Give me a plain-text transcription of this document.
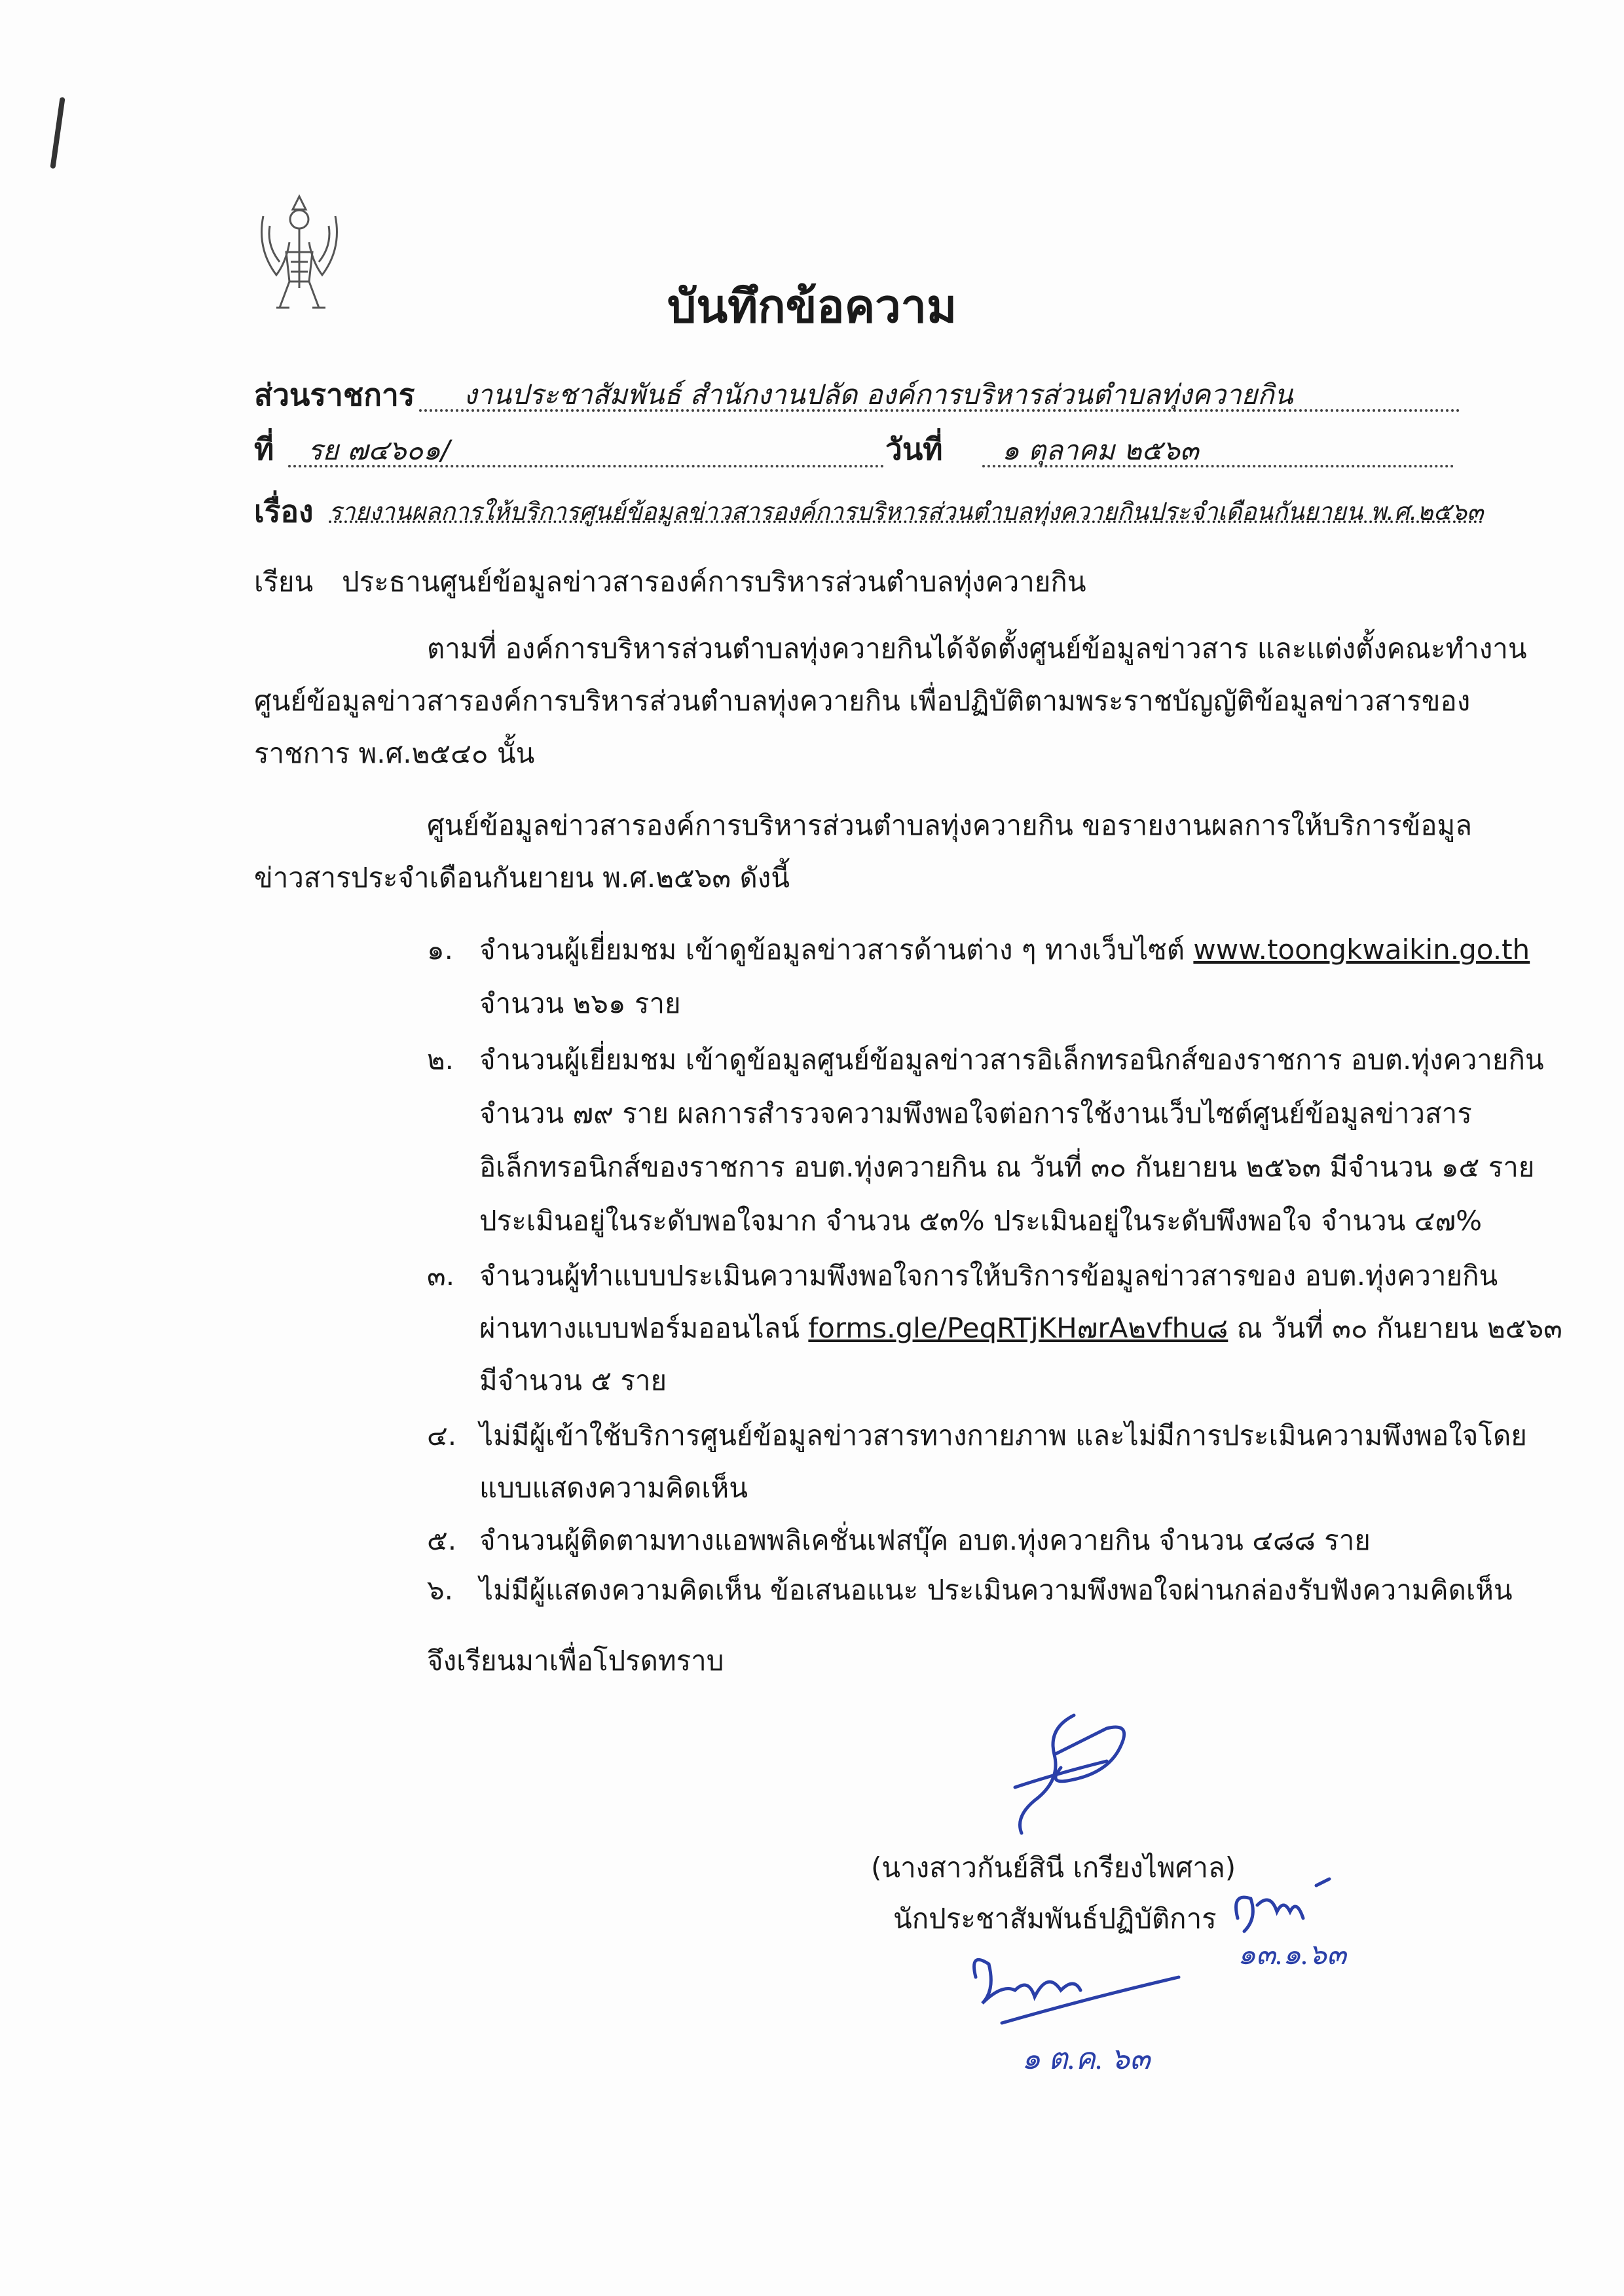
บันทึกข้อความ
ส่วนราชการ งานประชาสัมพันธ์ สำนักงานปลัด องค์การบริหารส่วนตำบลทุ่งควายกิน
ที่ รย ๗๔๖๐๑/	วันที่ ๑ ตุลาคม ๒๕๖๓
เรื่อง รายงานผลการให้บริการศูนย์ข้อมูลข่าวสารองค์การบริหารส่วนตำบลทุ่งควายกินประจำเดือนกันยายน พ.ศ.๒๕๖๓
เรียน ประธานศูนย์ข้อมูลข่าวสารองค์การบริหารส่วนตำบลทุ่งควายกิน
ตามที่ องค์การบริหารส่วนตำบลทุ่งควายกินได้จัดตั้งศูนย์ข้อมูลข่าวสาร และแต่งตั้งคณะทำงาน
ศูนย์ข้อมูลข่าวสารองค์การบริหารส่วนตำบลทุ่งควายกิน เพื่อปฏิบัติตามพระราชบัญญัติข้อมูลข่าวสารของ
ราชการ พ.ศ.๒๕๔๐ นั้น
ศูนย์ข้อมูลข่าวสารองค์การบริหารส่วนตำบลทุ่งควายกิน ขอรายงานผลการให้บริการข้อมูล
ข่าวสารประจำเดือนกันยายน พ.ศ.๒๕๖๓ ดังนี้
๑. จำนวนผู้เยี่ยมชม เข้าดูข้อมูลข่าวสารด้านต่าง ๆ ทางเว็บไซต์ www.toongkwaikin.go.th
จำนวน ๒๖๑ ราย
๒. จำนวนผู้เยี่ยมชม เข้าดูข้อมูลศูนย์ข้อมูลข่าวสารอิเล็กทรอนิกส์ของราชการ อบต.ทุ่งควายกิน
จำนวน ๗๙ ราย ผลการสำรวจความพึงพอใจต่อการใช้งานเว็บไซต์ศูนย์ข้อมูลข่าวสาร
อิเล็กทรอนิกส์ของราชการ อบต.ทุ่งควายกิน ณ วันที่ ๓๐ กันยายน ๒๕๖๓ มีจำนวน ๑๕ ราย
ประเมินอยู่ในระดับพอใจมาก จำนวน ๕๓% ประเมินอยู่ในระดับพึงพอใจ จำนวน ๔๗%
๓. จำนวนผู้ทำแบบประเมินความพึงพอใจการให้บริการข้อมูลข่าวสารของ อบต.ทุ่งควายกิน
ผ่านทางแบบฟอร์มออนไลน์ forms.gle/PeqRTjKH๗rA๒vfhu๘ ณ วันที่ ๓๐ กันยายน ๒๕๖๓
มีจำนวน ๕ ราย
๔. ไม่มีผู้เข้าใช้บริการศูนย์ข้อมูลข่าวสารทางกายภาพ และไม่มีการประเมินความพึงพอใจโดย
แบบแสดงความคิดเห็น
๕. จำนวนผู้ติดตามทางแอพพลิเคชั่นเฟสบุ๊ค อบต.ทุ่งควายกิน จำนวน ๔๘๘ ราย
๖. ไม่มีผู้แสดงความคิดเห็น ข้อเสนอแนะ ประเมินความพึงพอใจผ่านกล่องรับฟังความคิดเห็น
จึงเรียนมาเพื่อโปรดทราบ
(นางสาวกันย์สินี เกรียงไพศาล)
นักประชาสัมพันธ์ปฏิบัติการ
๑๓.๑.๖๓
๑ ต.ค. ๖๓
